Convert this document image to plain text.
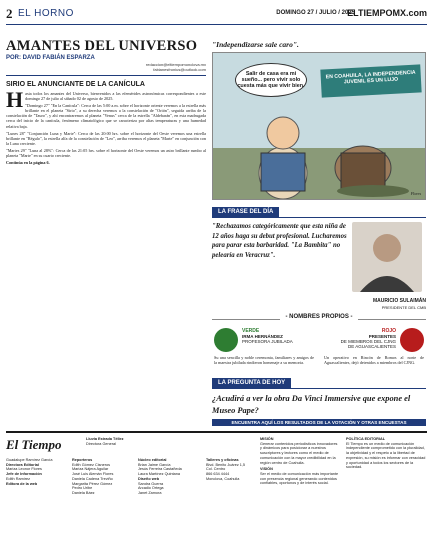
2 EL HORNO	DOMINGO 27 / JULIO / 2025
ELTIEMPOMX.com
AMANTES DEL UNIVERSO
POR: DAVID FABIÁN ESPARZA
redaccion@eltiempomonclova.mx
fabianesfronius@outlook.com
SIRIO EL ANUNCIANTE DE LA CANÍCULA
H asta todos los amantes del Universo, bienvenidos a las efemérides astronómicas correspondientes a este domingo 27 de julio al sábado 02 de agosto de 2025.

"Domingo 27" "En la Canícula": Cerca de las 5:00 a.m. sobre el horizonte oriente veremos a la estrella más brillante en el planeta "Sirio", a su derecha veremos a la constelación de "Orión", seguida arriba de la constelación de "Tauro", y ahí encontraremos al planeta "Venus" cerca de la estrella "Aldebarán", en esta madrugada cerca del inicio de la canícula, fenómeno climatológico que se caracteriza por altas temperaturas y una humedad relativa baja.

"Lunes 28" "Conjunción Luna y Marte": Cerca de las 20:00 hrs. sobre el horizonte del Oeste veremos una estrella brillante en "Régulo", la estrella alfa de la constelación de "Leo", arriba veremos el planeta "Marte" en conjunción con la Luna creciente.

"Martes 29" "Luna al 28%": Cerca de las 21:05 hrs. sobre el horizonte del Oeste veremos un astro brillante rumbo al planeta "Marte" en su cuarto creciente.

Continúa en la página 6.

"Independizarse sale caro".
Salir de casa era mi sueño... pero vivir solo cuesta más que vivir bien.
EN COAHUILA, LA INDEPENDENCIA JUVENIL ES UN LUJO
Flores
LA FRASE DEL DÍA
"Rechazamos categóricamente que esta niña de 12 años haga su debut profesional. Lucharemos para parar esta barbaridad. "La Bambita" no pelearía en Veracruz".
MAURICIO SULAIMÁN
PRESIDENTE DEL CMB
- NOMBRES PROPIOS -
VERDE
IRMA HERNÁNDEZ
PROFESORA JUBILADA
Su una sencilla y noble ceremonia, familiares y amigos de la maestra jubilada rindieron homenaje a su memoria.
ROJO
PRESENTES
DE MIEMBROS DEL CJNG DE AGUASCALIENTES
Un operativo en Rincón de Romos al norte de Aguascalientes, dejó detenidos a miembros del CJNG.
LA PREGUNTA DE HOY
¿Acudirá a ver la obra Da Vinci Immersive que expone el Museo Pape?
ENCUENTRA AQUÍ LOS RESULTADOS DE LA VOTACIÓN Y OTRAS ENCUESTAS
El Tiempo	Lluvia Estrada Téllez
Directora General
Guadalupe Ramírez García
Directora Editorial
Mariza Leonor Flores
Jefe de Información
Edith Ramírez
Editora de la web
Reporteros
Edith Gómez Cisneros
Mariza Nájera Aguilar
José Luis Alemán Flores
Daniela Cadena Treviño
Margarita Pérez Gómez
Pedro Uribe
Daniela Báez
Núcleo editorial
Brian Jaime García
Jesús Ferreira Castañeda
Laura Martínez Quintana
Diseño web
Sandra Guerra
Arcadio Ortega
Janet Zamora
Talleres y oficinas
Blvd. Benito Juárez 1,5
Col. Centro
866 634 4444
Monclova, Coahuila
MISIÓN
Generar contenidos periodísticos innovadores y dinámicos para posicionar a nuestros suscriptores y lectores como el medio de comunicación con la mayor credibilidad en la región centro de Coahuila.
VISIÓN
Ser el medio de comunicación más importante con presencia regional generando contenidos confiables, oportunos y de interés social.
POLÍTICA EDITORIAL
El Tiempo es un medio de comunicación independiente comprometido con la pluralidad, la objetividad y el respeto a la libertad de expresión, su misión es informar con veracidad y oportunidad a todos los sectores de la sociedad.
